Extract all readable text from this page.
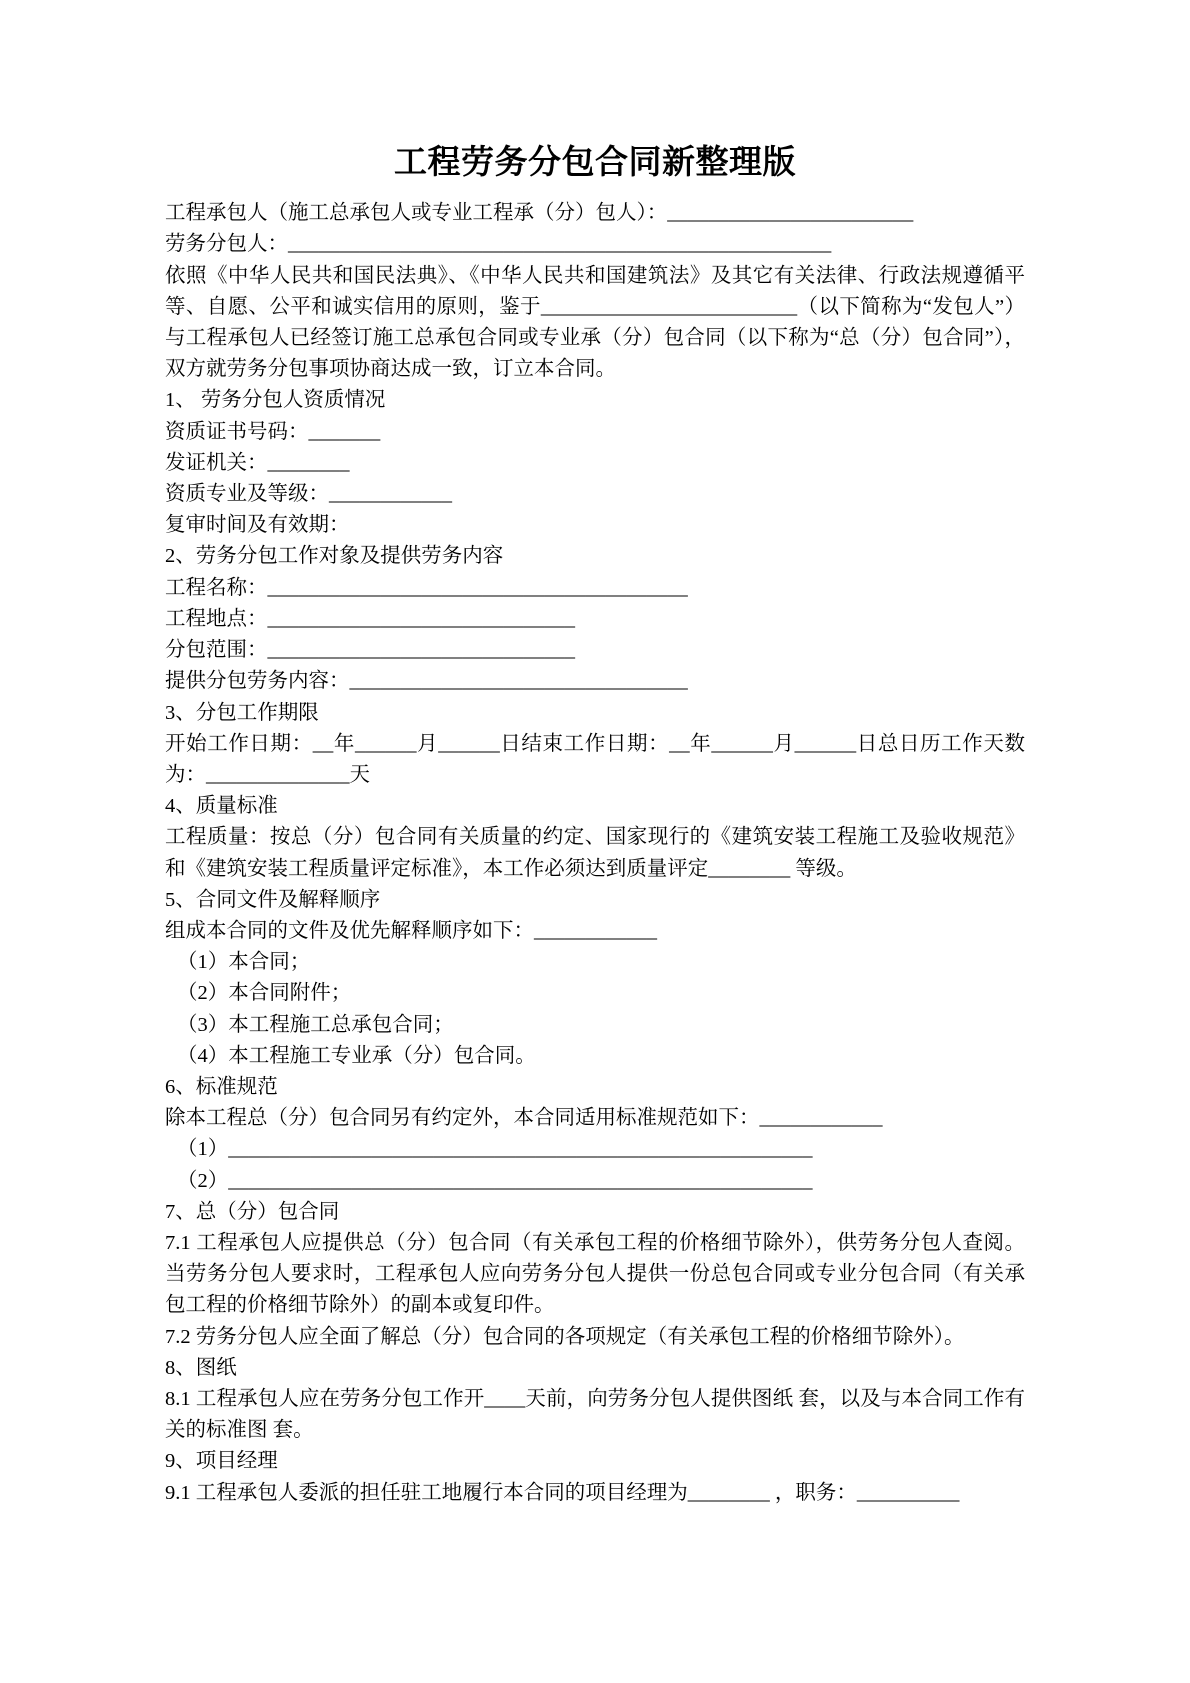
工程劳务分包合同新整理版

工程承包人（施工总承包人或专业工程承（分）包人）：________________________

劳务分包人：_____________________________________________________

依照《中华人民共和国民法典》、《中华人民共和国建筑法》及其它有关法律、行政法规遵循平等、自愿、公平和诚实信用的原则，鉴于_________________________（以下简称为“发包人”）与工程承包人已经签订施工总承包合同或专业承（分）包合同（以下称为“总（分）包合同”），双方就劳务分包事项协商达成一致，订立本合同。

1、 劳务分包人资质情况

资质证书号码：_______

发证机关：________

资质专业及等级：____________

复审时间及有效期：

2、劳务分包工作对象及提供劳务内容

工程名称：_________________________________________

工程地点：______________________________

分包范围：______________________________

提供分包劳务内容：_________________________________

3、分包工作期限

开始工作日期：__年______月______日结束工作日期：__年______月______日总日历工作天数为：______________天

4、质量标准

工程质量：按总（分）包合同有关质量的约定、国家现行的《建筑安装工程施工及验收规范》和《建筑安装工程质量评定标准》，本工作必须达到质量评定________ 等级。

5、合同文件及解释顺序

组成本合同的文件及优先解释顺序如下：____________

（1）本合同；

（2）本合同附件；

（3）本工程施工总承包合同；

（4）本工程施工专业承（分）包合同。

6、标准规范

除本工程总（分）包合同另有约定外，本合同适用标准规范如下：____________

（1）_________________________________________________________

（2）_________________________________________________________

7、总（分）包合同

7.1 工程承包人应提供总（分）包合同（有关承包工程的价格细节除外），供劳务分包人查阅。当劳务分包人要求时，工程承包人应向劳务分包人提供一份总包合同或专业分包合同（有关承包工程的价格细节除外）的副本或复印件。

7.2 劳务分包人应全面了解总（分）包合同的各项规定（有关承包工程的价格细节除外）。

8、图纸

8.1 工程承包人应在劳务分包工作开____天前，向劳务分包人提供图纸 套，以及与本合同工作有关的标准图 套。

9、项目经理

9.1 工程承包人委派的担任驻工地履行本合同的项目经理为________ ，职务：__________
